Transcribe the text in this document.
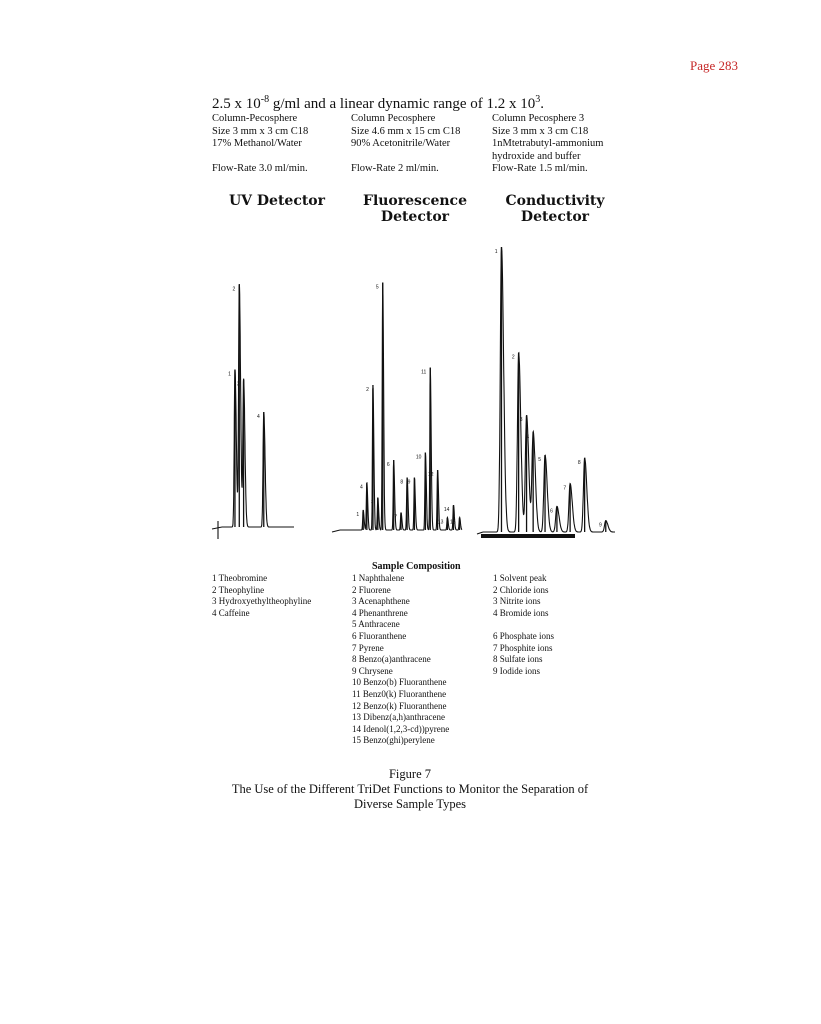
Page 283
2.5 x $10^{-8}$ g/ml and a linear dynamic range of 1.2 x $10^3$.
Column-Pecosphere
Size 3 mm x 3 cm C18
17% Methanol/Water
Flow-Rate 3.0 ml/min.
Column Pecosphere
Size 4.6 mm x 15 cm C18
90% Acetonitrile/Water
Flow-Rate 2 ml/min.
Column Pecosphere 3
Size 3 mm x 3 cm C18
1nMtetrabutyl-ammonium
hydroxide and buffer
Flow-Rate 1.5 ml/min.
UV Detector	Fluorescence
Detector
Conductivity
Detector
1
2
3
4
1
2
3
4
5
6
7
8 9
10
11
12
13
14
15
1
2
3
4
5
6
7
8
9
1 Theobromine
2 Theophyline
3 Hydroxyethyltheophyline
4 Caffeine
Sample Composition
1 Naphthalene
2 Fluorene
3 Acenaphthene
4 Phenanthrene
5 Anthracene
6 Fluoranthene
7 Pyrene
8 Benzo(a)anthracene
9 Chrysene
10 Benzo(b) Fluoranthene
11 Benz0(k) Fluoranthene
12 Benzo(k) Fluoranthene
13 Dibenz(a,h)anthracene
14 Idenol(1,2,3-cd))pyrene
15 Benzo(ghi)perylene
1 Solvent peak
2 Chloride ions
3 Nitrite ions
4 Bromide ions
6 Phosphate ions
7 Phosphite ions
8 Sulfate ions
9 Iodide ions
Figure 7
The Use of the Different TriDet Functions to Monitor the Separation of
Diverse Sample Types
